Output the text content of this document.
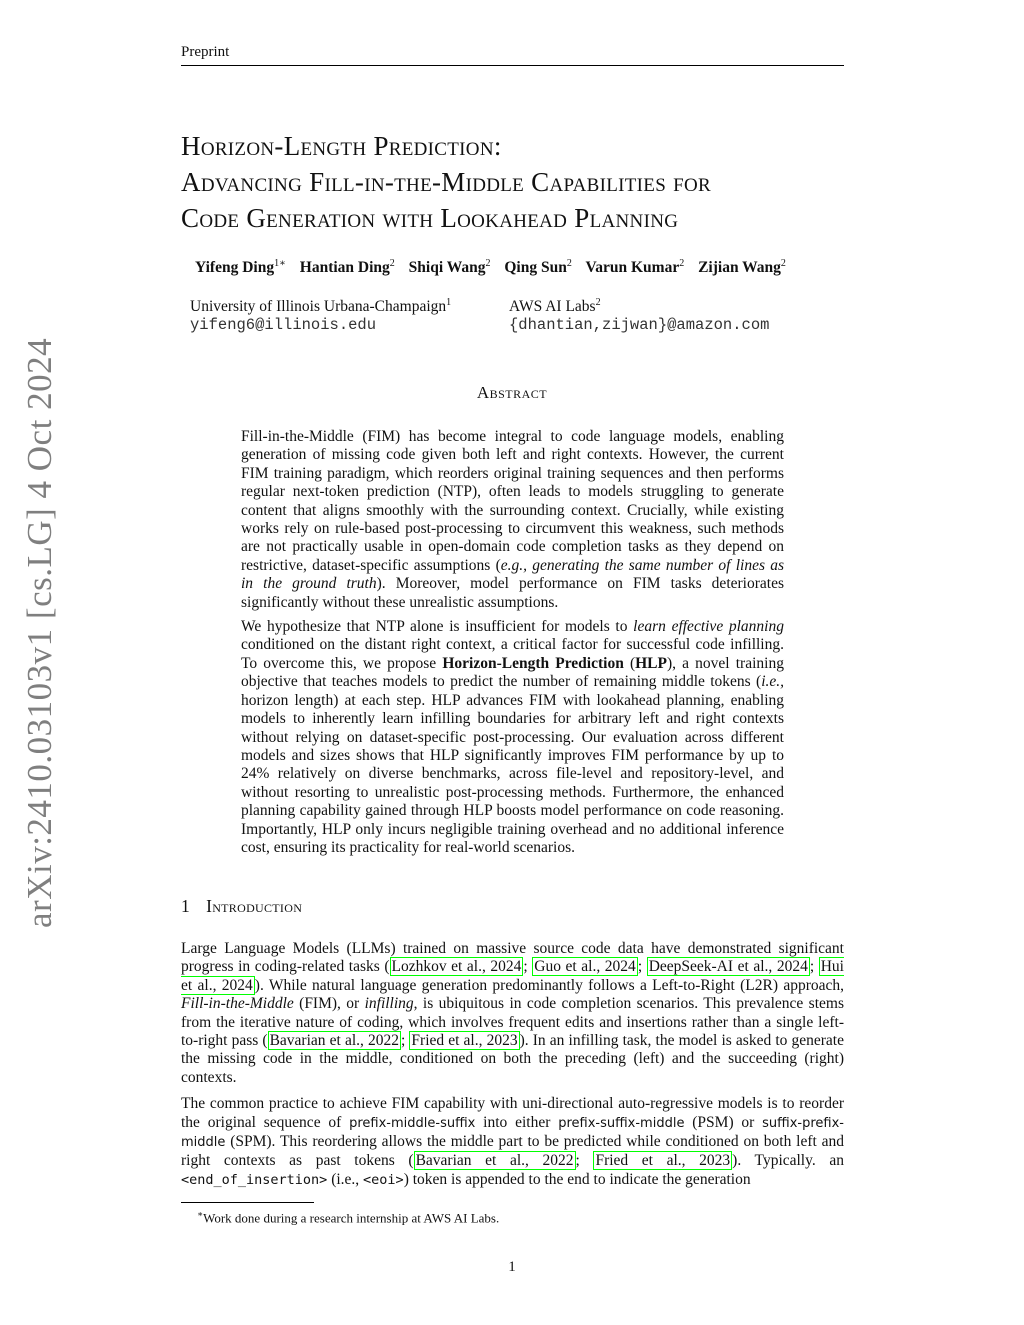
Preprint
Horizon-Length Prediction:
Advancing Fill-in-the-Middle Capabilities for
Code Generation with Lookahead Planning
Yifeng Ding$^{1∗}$ Hantian Ding$^2$ Shiqi Wang$^2$ Qing Sun$^2$ Varun Kumar$^2$ Zijian Wang$^2$
University of Illinois Urbana-Champaign$^1$
yifeng6@illinois.edu
AWS AI Labs$^2$
{dhantian,zijwan}@amazon.com
arXiv:2410.03103v1 [cs.LG] 4 Oct 2024	Abstract

Fill-in-the-Middle (FIM) has become integral to code language models, enabling generation of missing code given both left and right contexts. However, the current FIM training paradigm, which reorders original training sequences and then performs regular next-token prediction (NTP), often leads to models struggling to generate content that aligns smoothly with the surrounding context. Crucially, while existing works rely on rule-based post-processing to circumvent this weakness, such methods are not practically usable in open-domain code completion tasks as they depend on restrictive, dataset-specific assumptions (e.g., generating the same number of lines as in the ground truth). Moreover, model performance on FIM tasks deteriorates significantly without these unrealistic assumptions.

We hypothesize that NTP alone is insufficient for models to learn effective planning conditioned on the distant right context, a critical factor for successful code infilling. To overcome this, we propose Horizon-Length Prediction (HLP), a novel training objective that teaches models to predict the number of remaining middle tokens (i.e., horizon length) at each step. HLP advances FIM with lookahead planning, enabling models to inherently learn infilling boundaries for arbitrary left and right contexts without relying on dataset-specific post-processing. Our evaluation across different models and sizes shows that HLP significantly improves FIM performance by up to 24% relatively on diverse benchmarks, across file-level and repository-level, and without resorting to unrealistic post-processing methods. Furthermore, the enhanced planning capability gained through HLP boosts model performance on code reasoning. Importantly, HLP only incurs negligible training overhead and no additional inference cost, ensuring its practicality for real-world scenarios.

1 Introduction

Large Language Models (LLMs) trained on massive source code data have demonstrated significant progress in coding-related tasks ( Lozhkov et al., 2024 ; Guo et al., 2024 ; DeepSeek-AI et al., 2024 ; Hui et al., 2024 ). While natural language generation predominantly follows a Left-to-Right (L2R) approach, Fill-in-the-Middle (FIM), or infilling, is ubiquitous in code completion scenarios. This prevalence stems from the iterative nature of coding, which involves frequent edits and insertions rather than a single left-to-right pass ( Bavarian et al., 2022 ; Fried et al., 2023 ). In an infilling task, the model is asked to generate the missing code in the middle, conditioned on both the preceding (left) and the succeeding (right) contexts.

The common practice to achieve FIM capability with uni-directional auto-regressive models is to reorder the original sequence of prefix-middle-suffix into either prefix-suffix-middle (PSM) or suffix-prefix-middle (SPM). This reordering allows the middle part to be predicted while conditioned on both left and right contexts as past tokens ( Bavarian et al., 2022 ; Fried et al., 2023 ). Typically. an <end_of_insertion> (i.e., <eoi>) token is appended to the end to indicate the generation

∗Work done during a research internship at AWS AI Labs.
1
